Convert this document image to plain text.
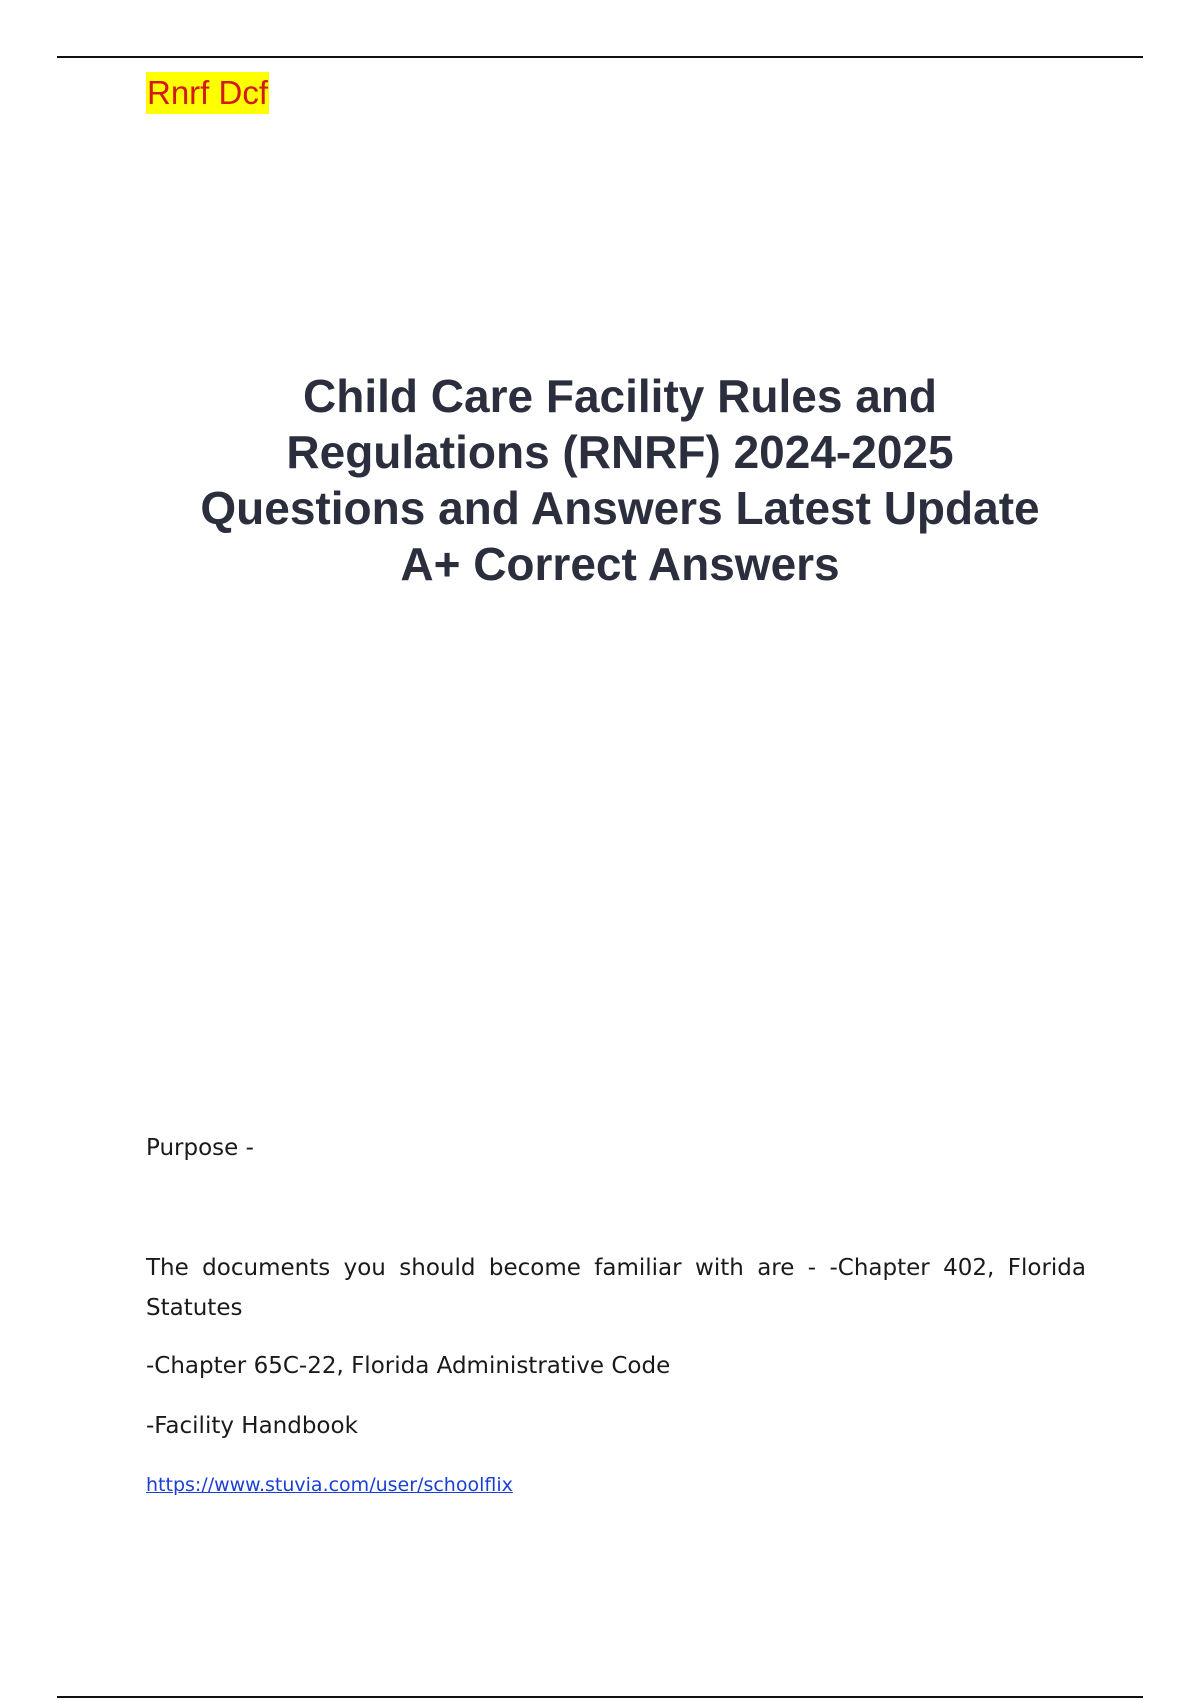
Rnrf Dcf
Child Care Facility Rules and
Regulations (RNRF) 2024-2025
Questions and Answers Latest Update
A+ Correct Answers

Purpose -

The documents you should become familiar with are - -Chapter 402, Florida Statutes

-Chapter 65C-22, Florida Administrative Code

-Facility Handbook

https://www.stuvia.com/user/schoolflix
